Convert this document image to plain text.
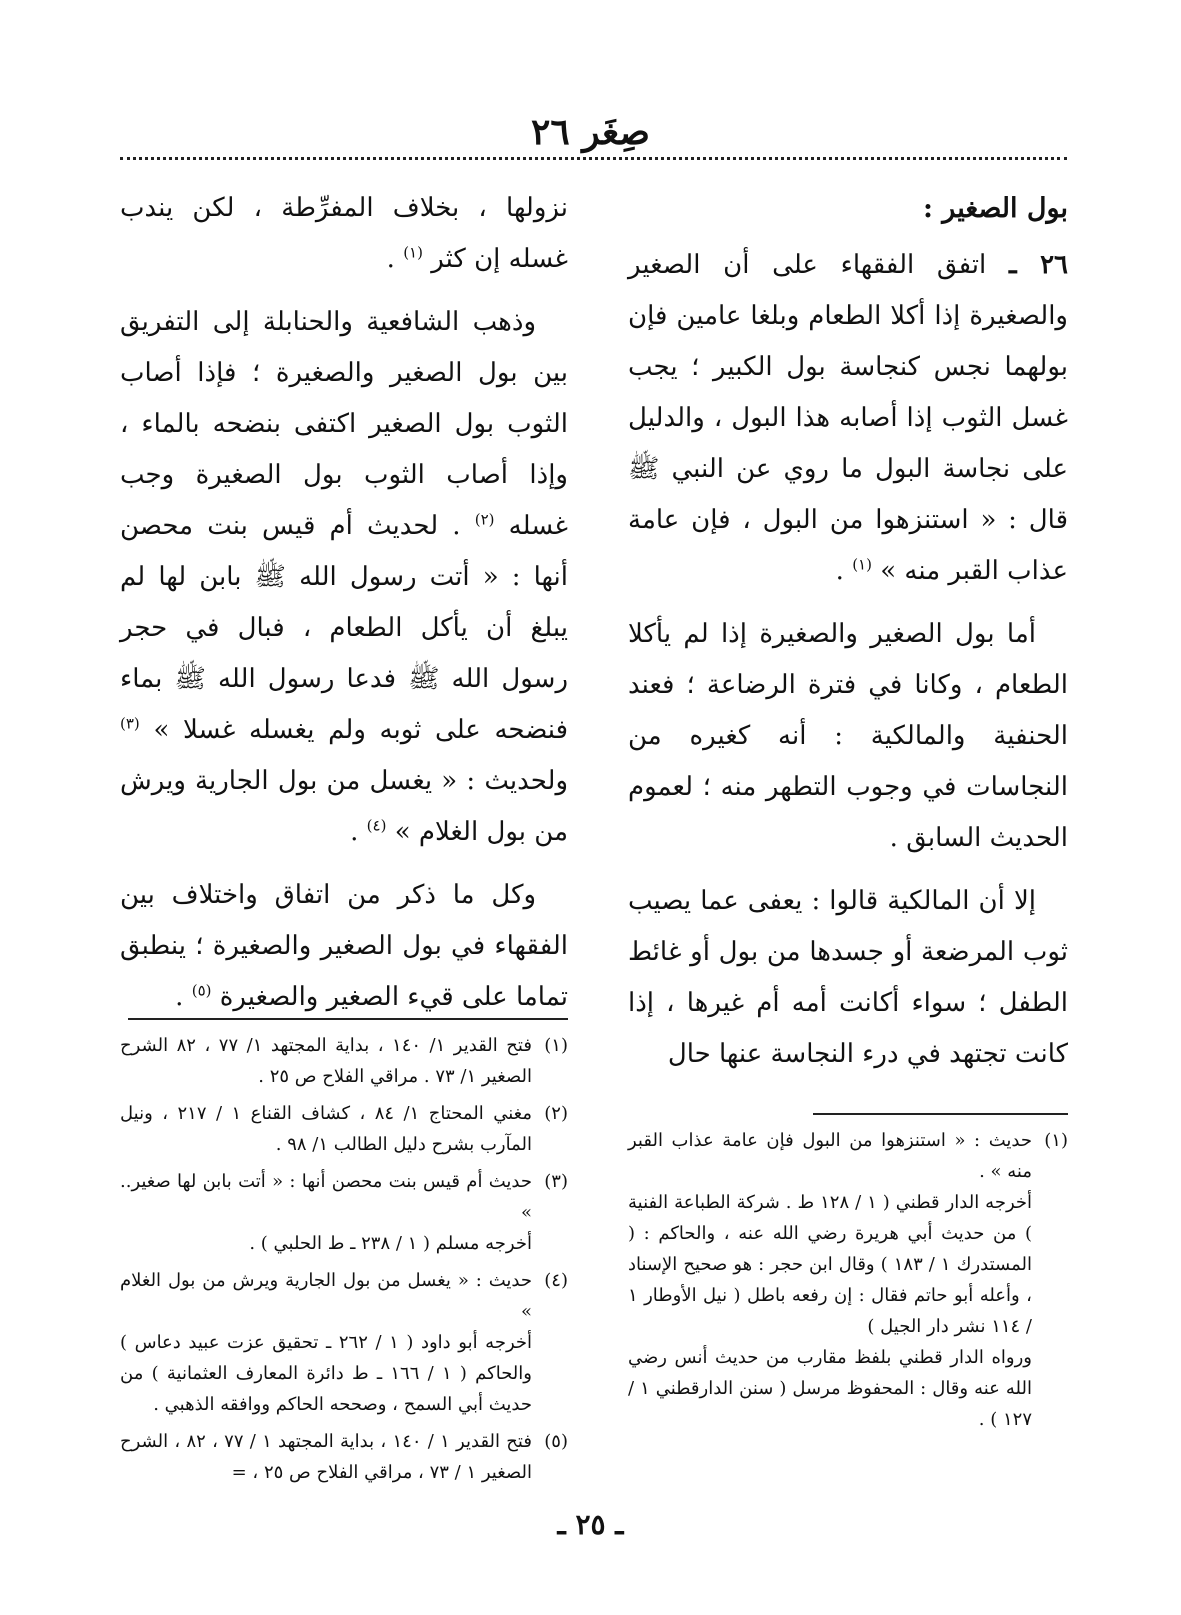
صِغَر ٢٦
بول الصغير :

٢٦ ـ اتفق الفقهاء على أن الصغير والصغيرة إذا أكلا الطعام وبلغا عامين فإن بولهما نجس كنجاسة بول الكبير ؛ يجب غسل الثوب إذا أصابه هذا البول ، والدليل على نجاسة البول ما روي عن النبي ﷺ قال : « استنزهوا من البول ، فإن عامة عذاب القبر منه » $^{(١)}$ .

أما بول الصغير والصغيرة إذا لم يأكلا الطعام ، وكانا في فترة الرضاعة ؛ فعند الحنفية والمالكية : أنه كغيره من النجاسات في وجوب التطهر منه ؛ لعموم الحديث السابق .

إلا أن المالكية قالوا : يعفى عما يصيب ثوب المرضعة أو جسدها من بول أو غائط الطفل ؛ سواء أكانت أمه أم غيرها ، إذا كانت تجتهد في درء النجاسة عنها حال

نزولها ، بخلاف المفرِّطة ، لكن يندب غسله إن كثر $^{(١)}$ .

وذهب الشافعية والحنابلة إلى التفريق بين بول الصغير والصغيرة ؛ فإذا أصاب الثوب بول الصغير اكتفى بنضحه بالماء ، وإذا أصاب الثوب بول الصغيرة وجب غسله $^{(٢)}$ . لحديث أم قيس بنت محصن أنها : « أتت رسول الله ﷺ بابن لها لم يبلغ أن يأكل الطعام ، فبال في حجر رسول الله ﷺ فدعا رسول الله ﷺ بماء فنضحه على ثوبه ولم يغسله غسلا » $^{(٣)}$ ولحديث : « يغسل من بول الجارية ويرش من بول الغلام » $^{(٤)}$ .

وكل ما ذكر من اتفاق واختلاف بين الفقهاء في بول الصغير والصغيرة ؛ ينطبق تماما على قيء الصغير والصغيرة $^{(٥)}$ .

(١)
حديث : « استنزهوا من البول فإن عامة عذاب القبر منه » .
أخرجه الدار قطني ( ١ / ١٢٨ ط . شركة الطباعة الفنية ) من حديث أبي هريرة رضي الله عنه ، والحاكم : ( المستدرك ١ / ١٨٣ ) وقال ابن حجر : هو صحيح الإسناد ، وأعله أبو حاتم فقال : إن رفعه باطل ( نيل الأوطار ١ / ١١٤ نشر دار الجيل )
ورواه الدار قطني بلفظ مقارب من حديث أنس رضي الله عنه وقال : المحفوظ مرسل ( سنن الدارقطني ١ / ١٢٧ ) .
(١)
فتح القدير ١/ ١٤٠ ، بداية المجتهد ١/ ٧٧ ، ٨٢ الشرح الصغير ١/ ٧٣ . مراقي الفلاح ص ٢٥ .
(٢)
مغني المحتاج ١/ ٨٤ ، كشاف القناع ١ / ٢١٧ ، ونيل المآرب بشرح دليل الطالب ١/ ٩٨ .
(٣)
حديث أم قيس بنت محصن أنها : « أتت بابن لها صغير.. »
أخرجه مسلم ( ١ / ٢٣٨ ـ ط الحلبي ) .
(٤)
حديث : « يغسل من بول الجارية ويرش من بول الغلام »
أخرجه أبو داود ( ١ / ٢٦٢ ـ تحقيق عزت عبيد دعاس ) والحاكم ( ١ / ١٦٦ ـ ط دائرة المعارف العثمانية ) من حديث أبي السمح ، وصححه الحاكم ووافقه الذهبي .
(٥)
فتح القدير ١ / ١٤٠ ، بداية المجتهد ١ / ٧٧ ، ٨٢ ، الشرح الصغير ١ / ٧٣ ، مراقي الفلاح ص ٢٥ ، =
ـ ٢٥ ـ
